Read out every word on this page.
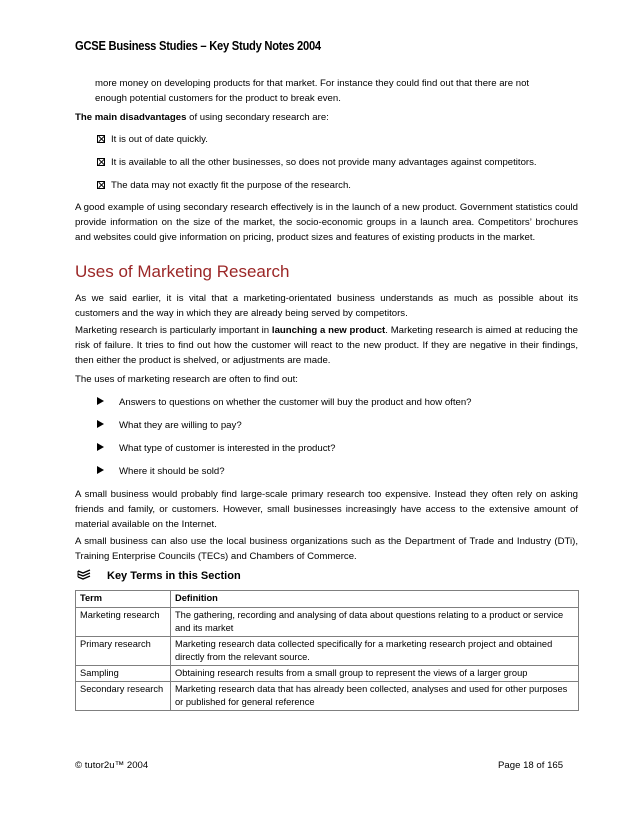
GCSE Business Studies – Key Study Notes 2004
more money on developing products for that market. For instance they could find out that there are not
enough potential customers for the product to break even.
The main disadvantages of using secondary research are:
It is out of date quickly.
It is available to all the other businesses, so does not provide many advantages against competitors.
The data may not exactly fit the purpose of the research.
A good example of using secondary research effectively is in the launch of a new product. Government statistics could provide information on the size of the market, the socio-economic groups in a launch area. Competitors’ brochures and websites could give information on pricing, product sizes and features of existing products in the market.
Uses of Marketing Research
As we said earlier, it is vital that a marketing-orientated business understands as much as possible about its customers and the way in which they are already being served by competitors.
Marketing research is particularly important in launching a new product. Marketing research is aimed at reducing the risk of failure. It tries to find out how the customer will react to the new product. If they are negative in their findings, then either the product is shelved, or adjustments are made.
The uses of marketing research are often to find out:
Answers to questions on whether the customer will buy the product and how often?
What they are willing to pay?
What type of customer is interested in the product?
Where it should be sold?
A small business would probably find large-scale primary research too expensive. Instead they often rely on asking friends and family, or customers. However, small businesses increasingly have access to the extensive amount of material available on the Internet.
A small business can also use the local business organizations such as the Department of Trade and Industry (DTi), Training Enterprise Councils (TECs) and Chambers of Commerce.
Key Terms in this Section
Term	Definition
Marketing research	The gathering, recording and analysing of data about questions relating to a product or service and its market
Primary research	Marketing research data collected specifically for a marketing research project and obtained directly from the relevant source.
Sampling	Obtaining research results from a small group to represent the views of a larger group
Secondary research	Marketing research data that has already been collected, analyses and used for other purposes or published for general reference
© tutor2u™ 2004	Page 18 of 165
